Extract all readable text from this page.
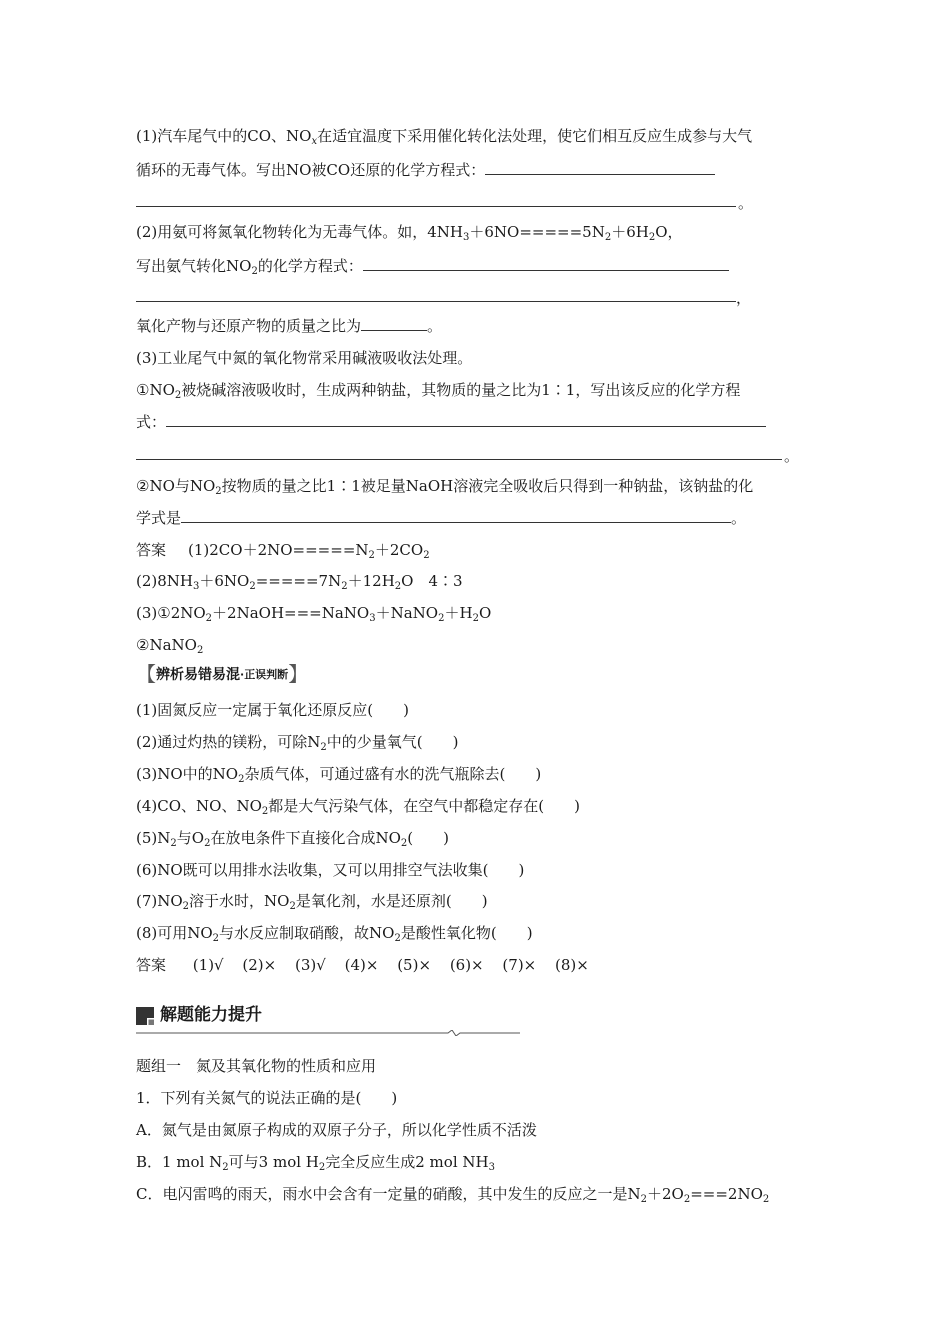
(1)汽车尾气中的CO、$NO_x$在适宜温度下采用催化转化法处理，使它们相互反应生成参与大气
循环的无毒气体。写出NO被CO还原的化学方程式：
。
(2)用氨可将氮氧化物转化为无毒气体。如，$4NH_3+6NO=====5N_2+6H_2O$，
写出氨气转化$NO_2$的化学方程式：
，
氧化产物与还原产物的质量之比为	。
(3)工业尾气中氮的氧化物常采用碱液吸收法处理。
$①NO_2$被烧碱溶液吸收时，生成两种钠盐，其物质的量之比为1∶1，写出该反应的化学方程
式：
。
②NO与$NO_2$按物质的量之比1∶1被足量NaOH溶液完全吸收后只得到一种钠盐，该钠盐的化
学式是	。
答案 $(1)2CO+2NO=====N_2+2CO_2$
$(2)8NH_3+6NO_2=====7N_2+12H_2O$　4∶3
$(3)①2NO_2+2NaOH===NaNO_3+NaNO_2+H_2O$
②NaNO$_2$
【 辨析易错易混 · 正误判断 】
(1)固氮反应一定属于氧化还原反应(　　)
(2)通过灼热的镁粉，可除$N_2$中的少量氧气(　　)
(3)NO中的$NO_2$杂质气体，可通过盛有水的洗气瓶除去(　　)
(4)CO、NO、$NO_2$都是大气污染气体，在空气中都稳定存在(　　)
$(5)N_2$与$O_2$在放电条件下直接化合成$NO_2$(　　)
(6)NO既可以用排水法收集，又可以用排空气法收集(　　)
$(7)NO_2$溶于水时，$NO_2$是氧化剂，水是还原剂(　　)
(8)可用$NO_2$与水反应制取硝酸，故$NO_2$是酸性氧化物(　　)
答案 (1)√ (2)× (3)√ (4)× (5)× (6)× (7)× (8)×
解题能力提升
题组一　氮及其氧化物的性质和应用
1．下列有关氮气的说法正确的是(　　)
A．氮气是由氮原子构成的双原子分子，所以化学性质不活泼
B．1 mol $N_2$可与3 mol $H_2$完全反应生成2 mol $NH_3$
C．电闪雷鸣的雨天，雨水中会含有一定量的硝酸，其中发生的反应之一是$N_2+2O_2===2NO_2$
